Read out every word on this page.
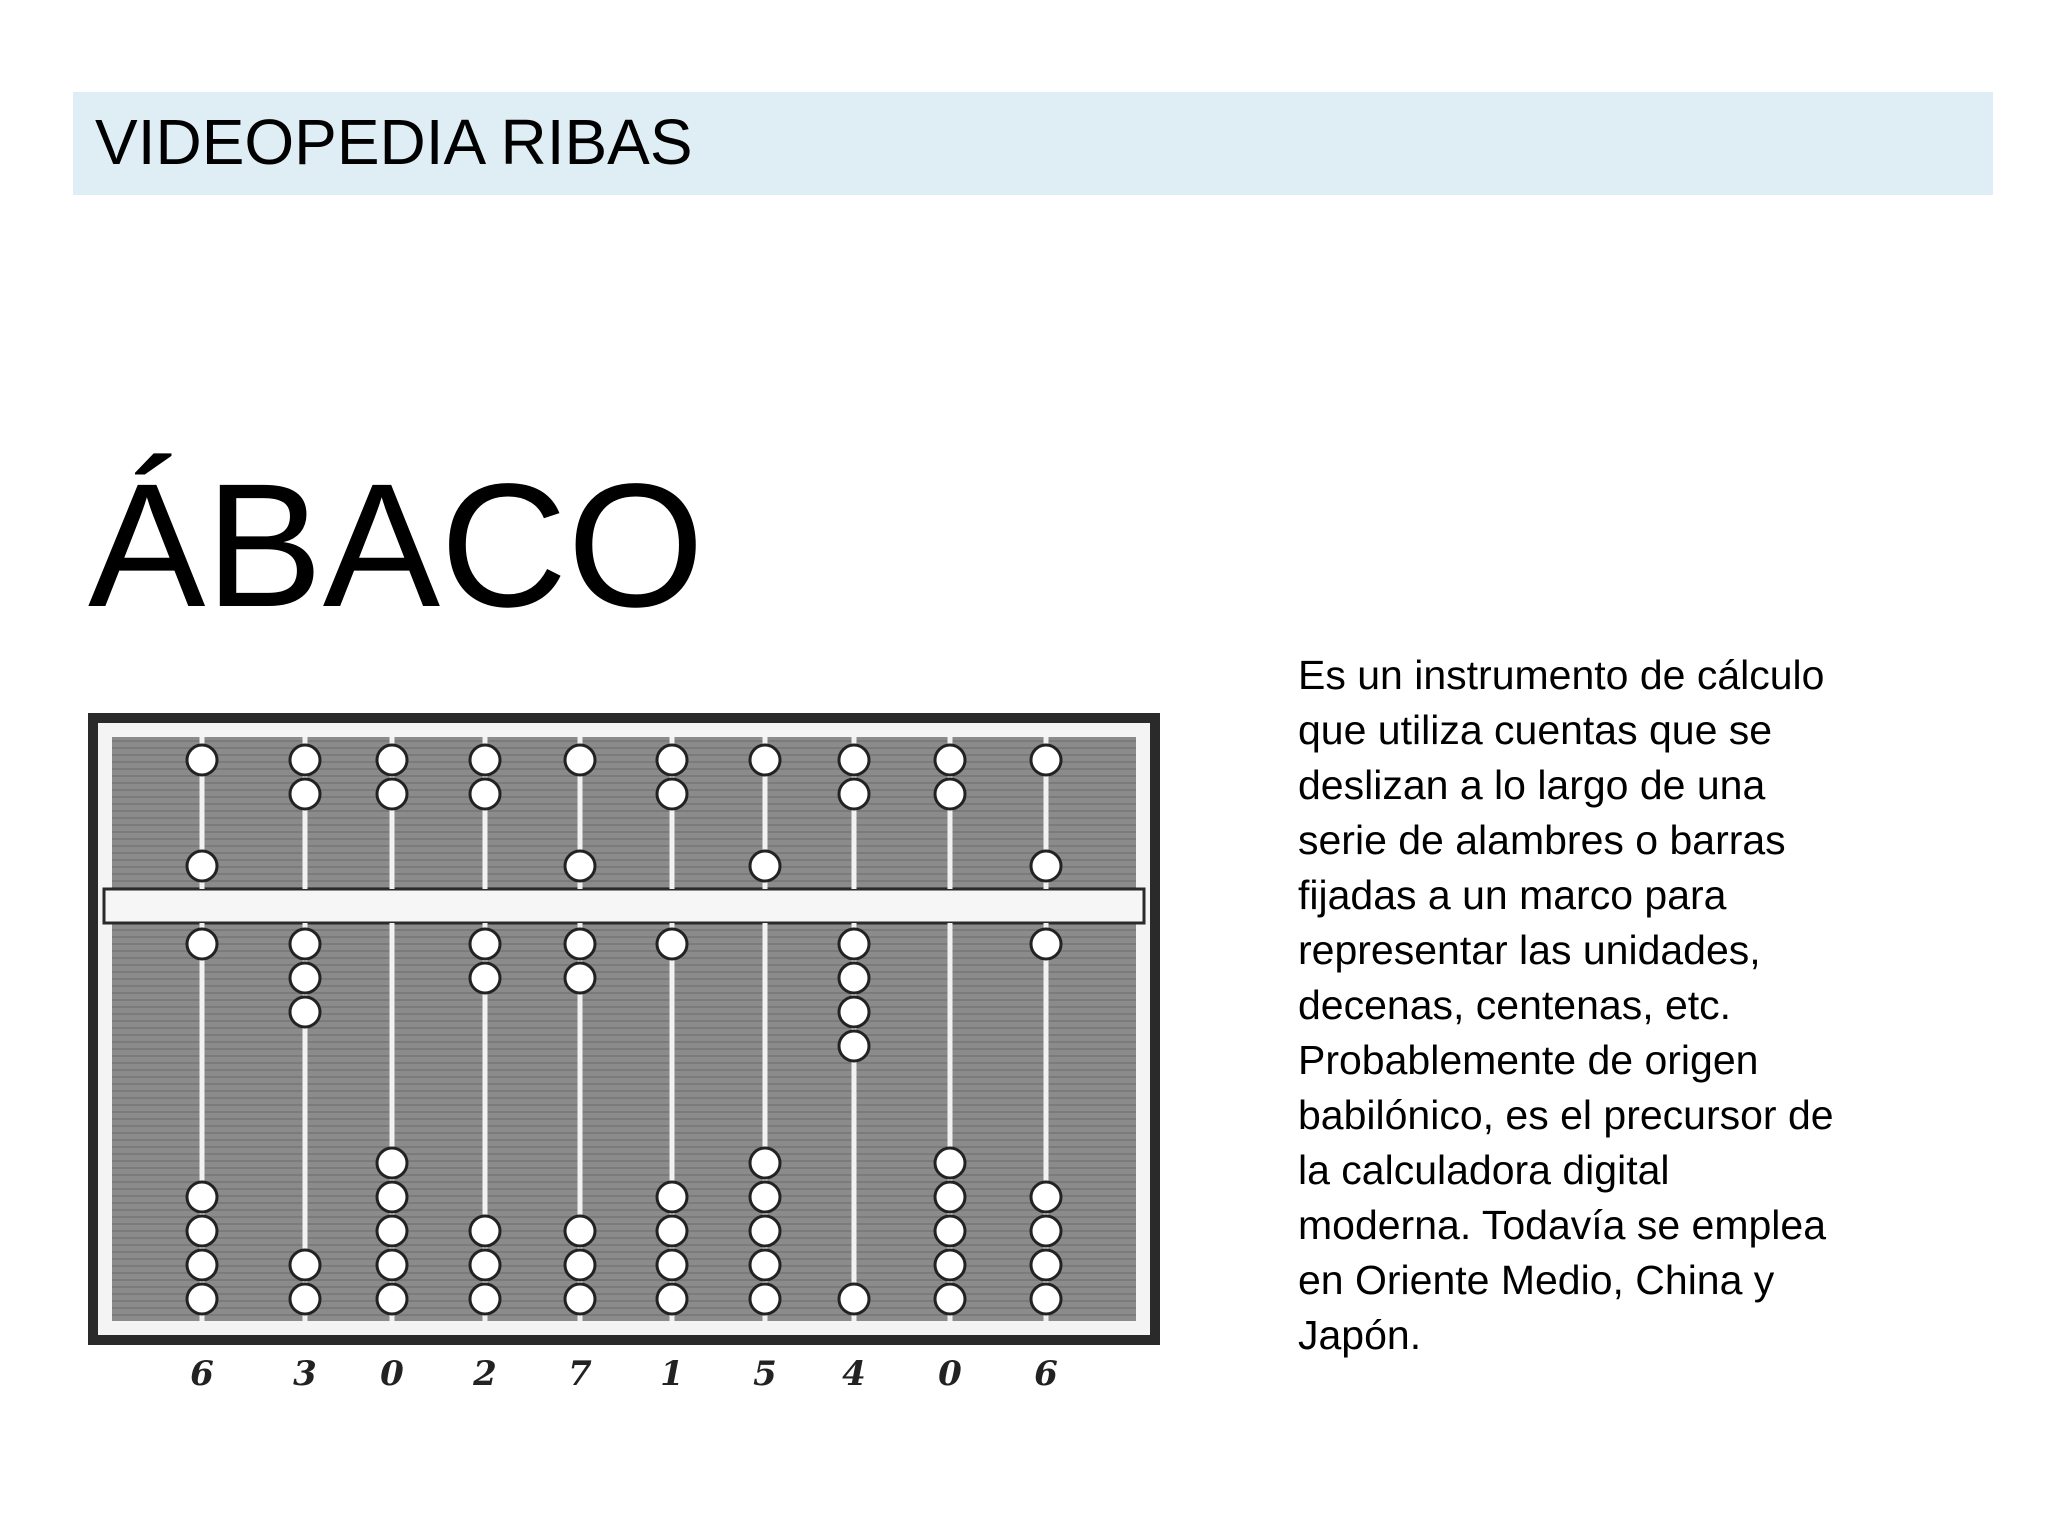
VIDEOPEDIA RIBAS
ÁBACO
6 3 0 2 7 1 5 4 0 6
Es un instrumento de cálculo
que utiliza cuentas que se
deslizan a lo largo de una
serie de alambres o barras
fijadas a un marco para
representar las unidades,
decenas, centenas, etc.
Probablemente de origen
babilónico, es el precursor de
la calculadora digital
moderna. Todavía se emplea
en Oriente Medio, China y
Japón.
